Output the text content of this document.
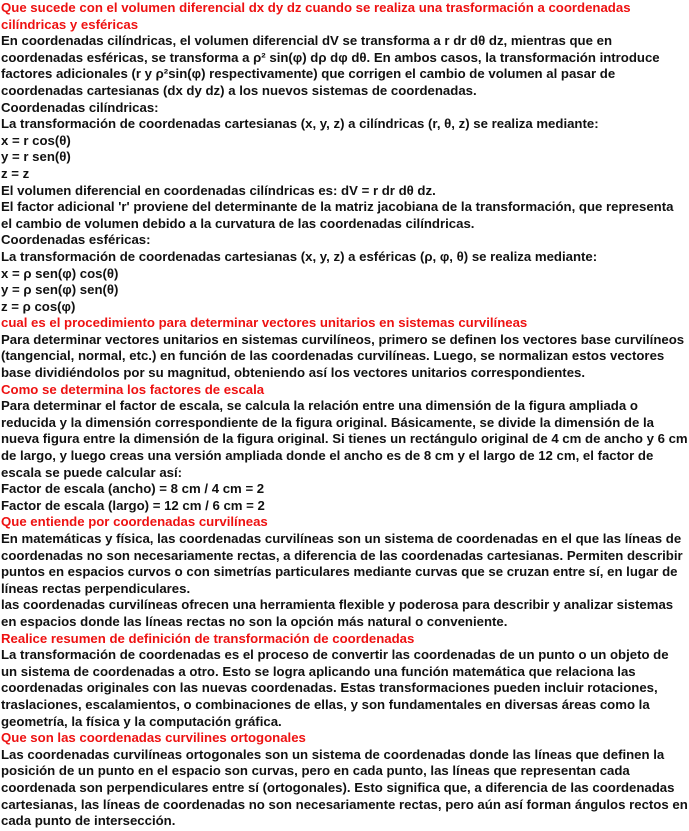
Que sucede con el volumen diferencial dx dy dz cuando se realiza una trasformación a coordenadas cilíndricas y esféricas
En coordenadas cilíndricas, el volumen diferencial dV se transforma a r dr dθ dz, mientras que en coordenadas esféricas, se transforma a ρ² sin(φ) dρ dφ dθ. En ambos casos, la transformación introduce factores adicionales (r y ρ²sin(φ) respectivamente) que corrigen el cambio de volumen al pasar de coordenadas cartesianas (dx dy dz) a los nuevos sistemas de coordenadas.
Coordenadas cilíndricas:
La transformación de coordenadas cartesianas (x, y, z) a cilíndricas (r, θ, z) se realiza mediante:
x = r cos(θ)
y = r sen(θ)
z = z
El volumen diferencial en coordenadas cilíndricas es: dV = r dr dθ dz.
El factor adicional 'r' proviene del determinante de la matriz jacobiana de la transformación, que representa el cambio de volumen debido a la curvatura de las coordenadas cilíndricas.
Coordenadas esféricas:
La transformación de coordenadas cartesianas (x, y, z) a esféricas (ρ, φ, θ) se realiza mediante:
x = ρ sen(φ) cos(θ)
y = ρ sen(φ) sen(θ)
z = ρ cos(φ)
cual es el procedimiento para determinar vectores unitarios en sistemas curvilíneas
Para determinar vectores unitarios en sistemas curvilíneos, primero se definen los vectores base curvilíneos (tangencial, normal, etc.) en función de las coordenadas curvilíneas. Luego, se normalizan estos vectores base dividiéndolos por su magnitud, obteniendo así los vectores unitarios correspondientes.
Como se determina los factores de escala
Para determinar el factor de escala, se calcula la relación entre una dimensión de la figura ampliada o reducida y la dimensión correspondiente de la figura original. Básicamente, se divide la dimensión de la nueva figura entre la dimensión de la figura original. Si tienes un rectángulo original de 4 cm de ancho y 6 cm de largo, y luego creas una versión ampliada donde el ancho es de 8 cm y el largo de 12 cm, el factor de escala se puede calcular así:
Factor de escala (ancho) = 8 cm / 4 cm = 2
Factor de escala (largo) = 12 cm / 6 cm = 2
Que entiende por coordenadas curvilíneas
En matemáticas y física, las coordenadas curvilíneas son un sistema de coordenadas en el que las líneas de coordenadas no son necesariamente rectas, a diferencia de las coordenadas cartesianas. Permiten describir puntos en espacios curvos o con simetrías particulares mediante curvas que se cruzan entre sí, en lugar de líneas rectas perpendiculares.
las coordenadas curvilíneas ofrecen una herramienta flexible y poderosa para describir y analizar sistemas en espacios donde las líneas rectas no son la opción más natural o conveniente.
Realice resumen de definición de transformación de coordenadas
La transformación de coordenadas es el proceso de convertir las coordenadas de un punto o un objeto de un sistema de coordenadas a otro. Esto se logra aplicando una función matemática que relaciona las coordenadas originales con las nuevas coordenadas. Estas transformaciones pueden incluir rotaciones, traslaciones, escalamientos, o combinaciones de ellas, y son fundamentales en diversas áreas como la geometría, la física y la computación gráfica.
Que son las coordenadas curvilines ortogonales
Las coordenadas curvilíneas ortogonales son un sistema de coordenadas donde las líneas que definen la posición de un punto en el espacio son curvas, pero en cada punto, las líneas que representan cada coordenada son perpendiculares entre sí (ortogonales). Esto significa que, a diferencia de las coordenadas cartesianas, las líneas de coordenadas no son necesariamente rectas, pero aún así forman ángulos rectos en cada punto de intersección.
